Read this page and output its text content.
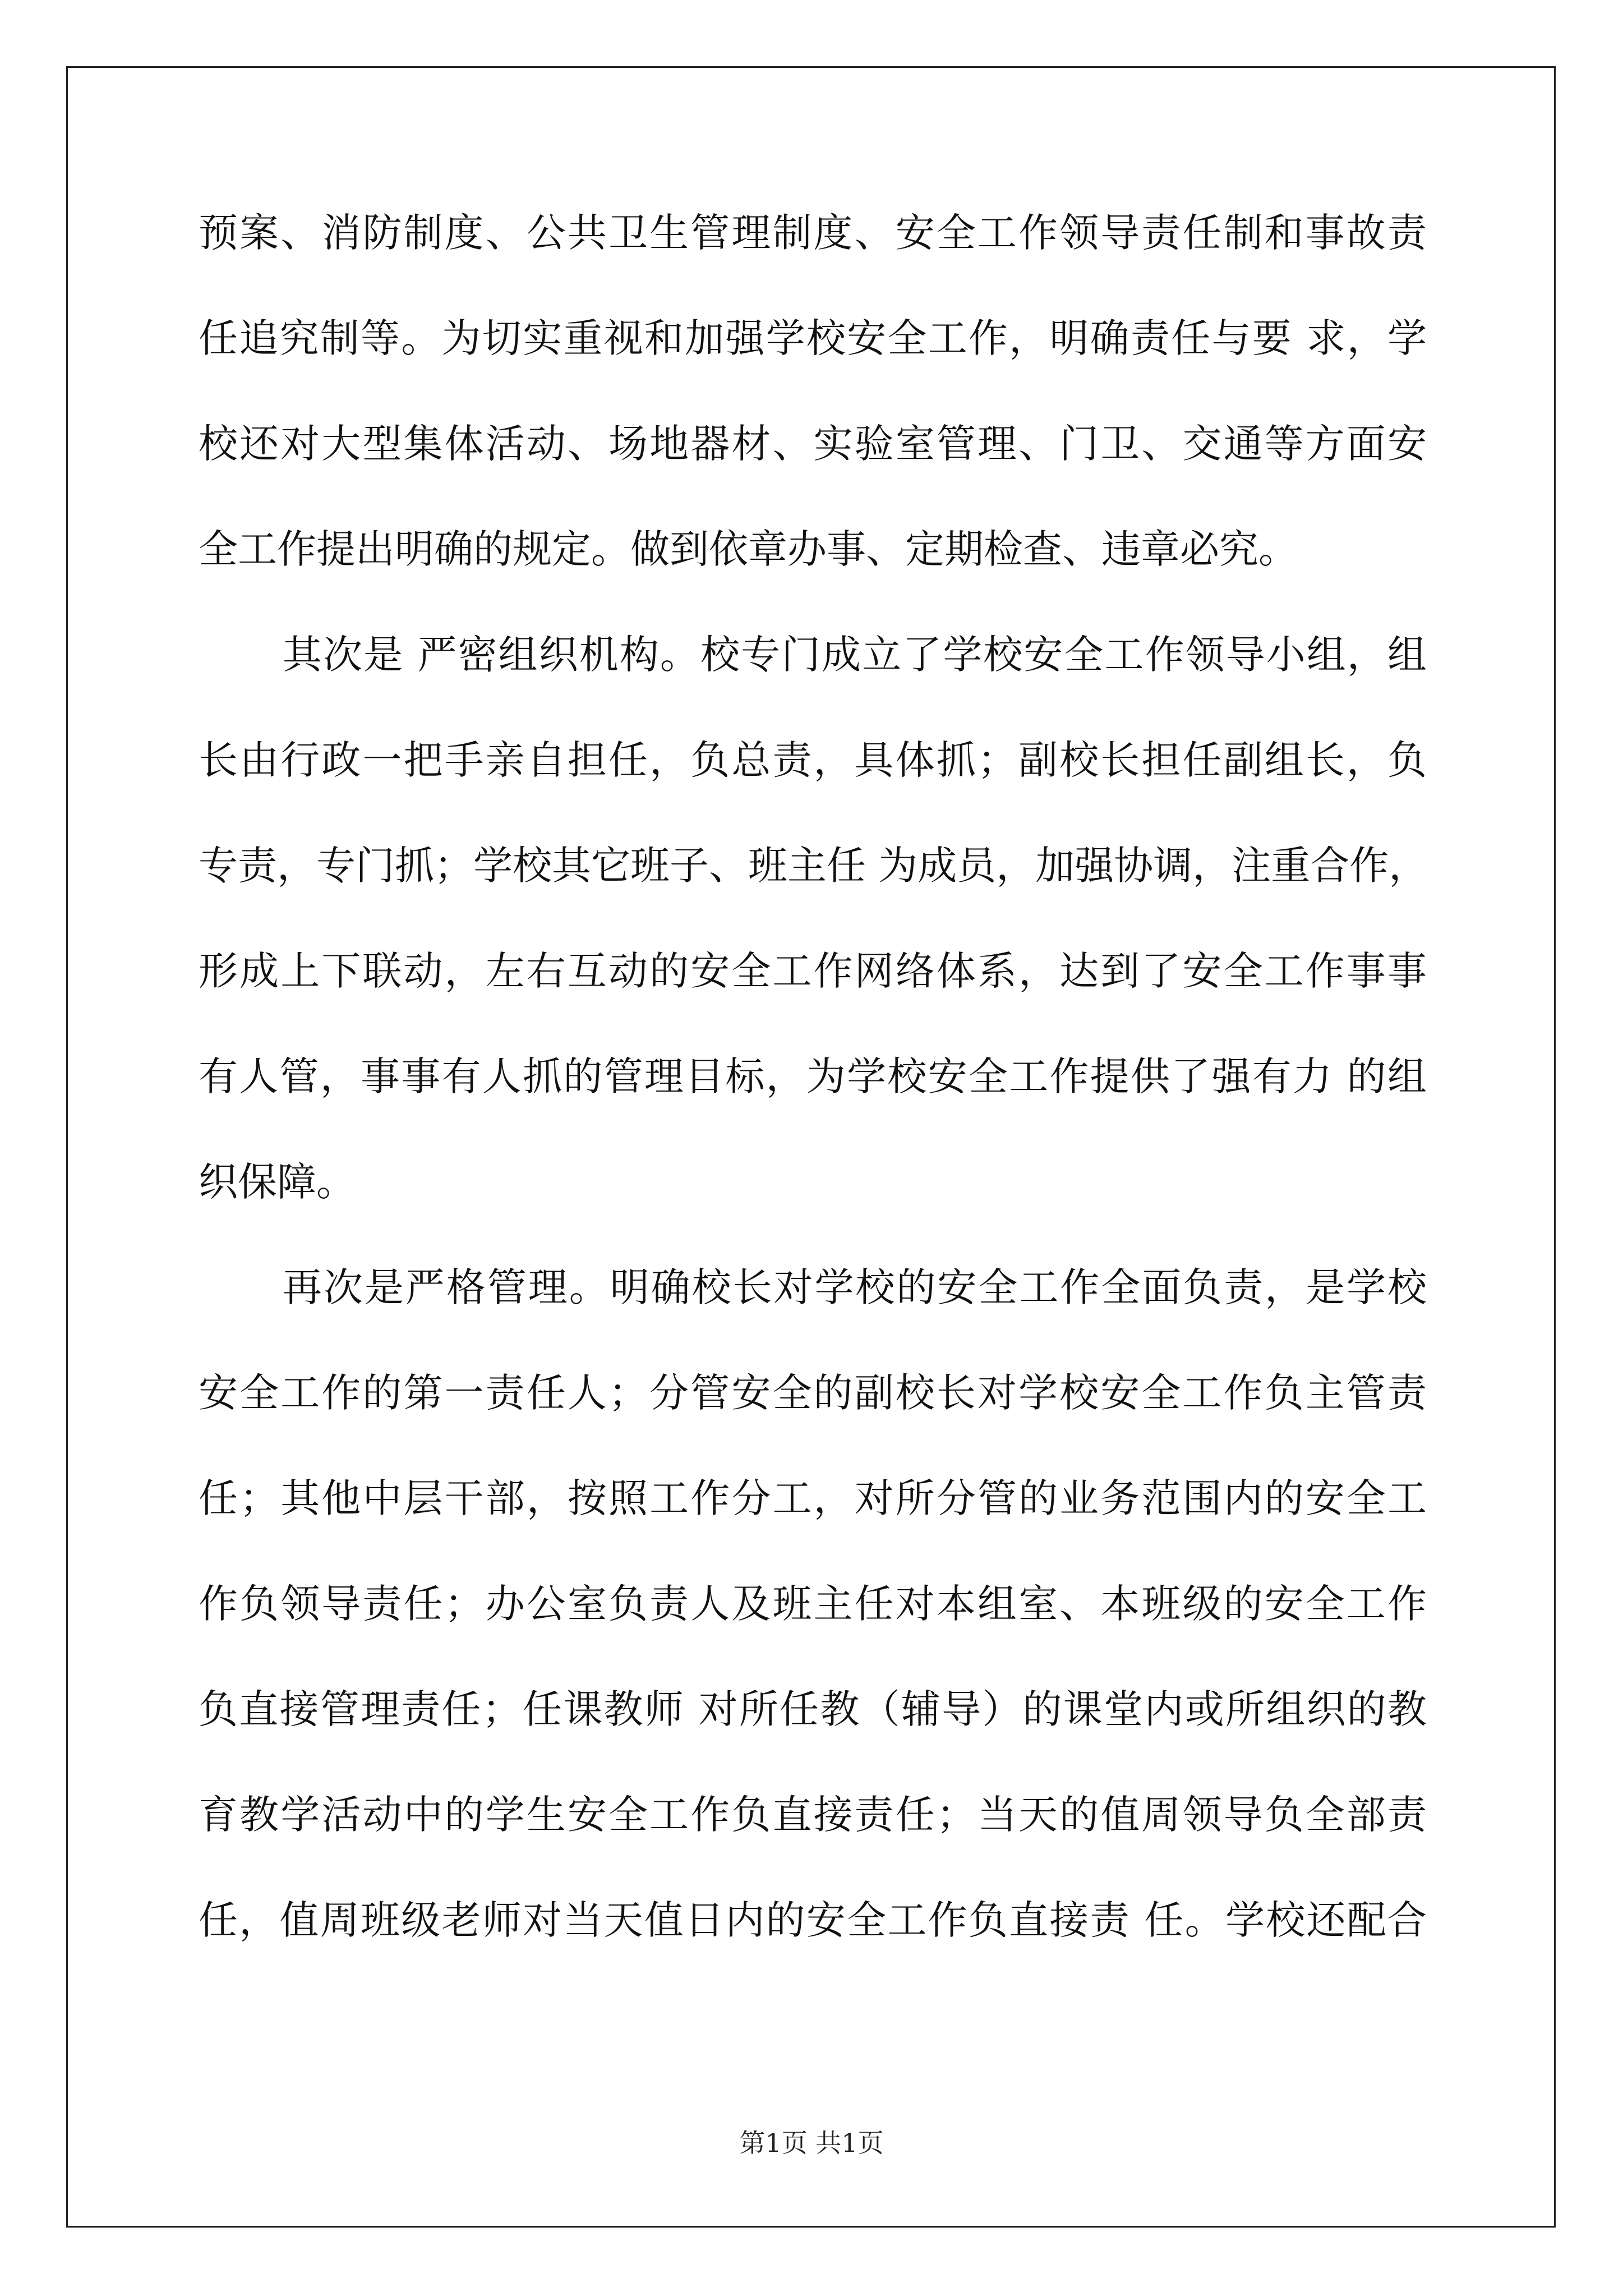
预案、消防制度、公共卫生管理制度、安全工作领导责任制和事故责
任追究制等。为切实重视和加强学校安全工作，明确责任与要 求，学
校还对大型集体活动、场地器材、实验室管理、门卫、交通等方面安
全工作提出明确的规定。做到依章办事、定期检查、违章必究。
其次是 严密组织机构。校专门成立了学校安全工作领导小组，组
长由行政一把手亲自担任，负总责，具体抓；副校长担任副组长，负
专责，专门抓；学校其它班子、班主任 为成员，加强协调，注重合作，
形成上下联动，左右互动的安全工作网络体系，达到了安全工作事事
有人管，事事有人抓的管理目标，为学校安全工作提供了强有力 的组
织保障。
再次是严格管理。明确校长对学校的安全工作全面负责，是学校
安全工作的第一责任人；分管安全的副校长对学校安全工作负主管责
任；其他中层干部，按照工作分工，对所分管的业务范围内的安全工
作负领导责任；办公室负责人及班主任对本组室、本班级的安全工作
负直接管理责任；任课教师 对所任教（辅导）的课堂内或所组织的教
育教学活动中的学生安全工作负直接责任；当天的值周领导负全部责
任，值周班级老师对当天值日内的安全工作负直接责 任。学校还配合
第1页 共1页
